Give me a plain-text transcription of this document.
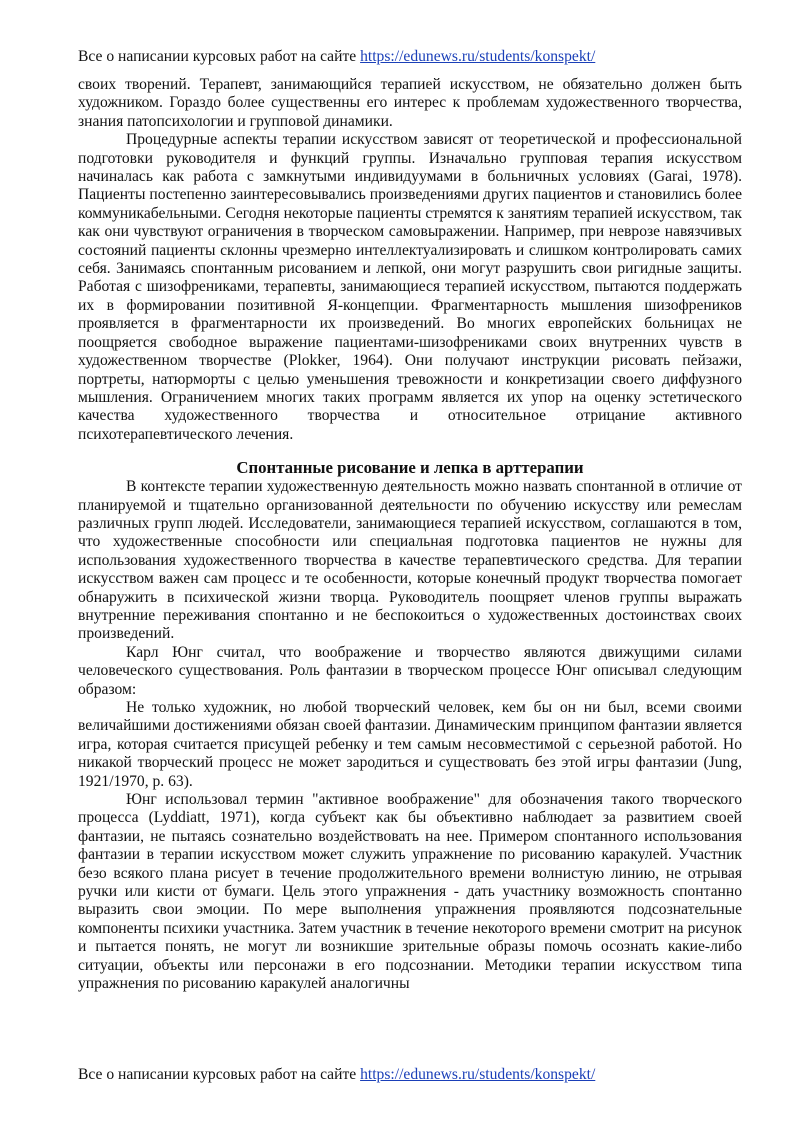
Все о написании курсовых работ на сайте https://edunews.ru/students/konspekt/

своих творений. Терапевт, занимающийся терапией искусством, не обязательно должен быть художником. Гораздо более существенны его интерес к проблемам художественного творчества, знания патопсихологии и групповой динамики.

Процедурные аспекты терапии искусством зависят от теоретической и профессиональной подготовки руководителя и функций группы. Изначально групповая терапия искусством начиналась как работа с замкнутыми индивидуумами в больничных условиях (Garai, 1978). Пациенты постепенно заинтересовывались произведениями других пациентов и становились более коммуникабельными. Сегодня некоторые пациенты стремятся к занятиям терапией искусством, так как они чувствуют ограничения в творческом самовыражении. Например, при неврозе навязчивых состояний пациенты склонны чрезмерно интеллектуализировать и слишком контролировать самих себя. Занимаясь спонтанным рисованием и лепкой, они могут разрушить свои ригидные защиты. Работая с шизофрениками, терапевты, занимающиеся терапией искусством, пытаются поддержать их в формировании позитивной Я-концепции. Фрагментарность мышления шизофреников проявляется в фрагментарности их произведений. Во многих европейских больницах не поощряется свободное выражение пациентами-шизофрениками своих внутренних чувств в художественном творчестве (Plokker, 1964). Они получают инструкции рисовать пейзажи, портреты, натюрморты с целью уменьшения тревожности и конкретизации своего диффузного мышления. Ограничением многих таких программ является их упор на оценку эстетического качества художественного творчества и относительное отрицание активного психотерапевтического лечения.

Спонтанные рисование и лепка в арттерапии

В контексте терапии художественную деятельность можно назвать спонтанной в отличие от планируемой и тщательно организованной деятельности по обучению искусству или ремеслам различных групп людей. Исследователи, занимающиеся терапией искусством, соглашаются в том, что художественные способности или специальная подготовка пациентов не нужны для использования художественного творчества в качестве терапевтического средства. Для терапии искусством важен сам процесс и те особенности, которые конечный продукт творчества помогает обнаружить в психической жизни творца. Руководитель поощряет членов группы выражать внутренние переживания спонтанно и не беспокоиться о художественных достоинствах своих произведений.

Карл Юнг считал, что воображение и творчество являются движущими силами человеческого существования. Роль фантазии в творческом процессе Юнг описывал следующим образом:

Не только художник, но любой творческий человек, кем бы он ни был, всеми своими величайшими достижениями обязан своей фантазии. Динамическим принципом фантазии является игра, которая считается присущей ребенку и тем самым несовместимой с серьезной работой. Но никакой творческий процесс не может зародиться и существовать без этой игры фантазии (Jung, 1921/1970, p. 63).

Юнг использовал термин "активное воображение" для обозначения такого творческого процесса (Lyddiatt, 1971), когда субъект как бы объективно наблюдает за развитием своей фантазии, не пытаясь сознательно воздействовать на нее. Примером спонтанного использования фантазии в терапии искусством может служить упражнение по рисованию каракулей. Участник безо всякого плана рисует в течение продолжительного времени волнистую линию, не отрывая ручки или кисти от бумаги. Цель этого упражнения - дать участнику возможность спонтанно выразить свои эмоции. По мере выполнения упражнения проявляются подсознательные компоненты психики участника. Затем участник в течение некоторого времени смотрит на рисунок и пытается понять, не могут ли возникшие зрительные образы помочь осознать какие-либо ситуации, объекты или персонажи в его подсознании. Методики терапии искусством типа упражнения по рисованию каракулей аналогичны

Все о написании курсовых работ на сайте https://edunews.ru/students/konspekt/
